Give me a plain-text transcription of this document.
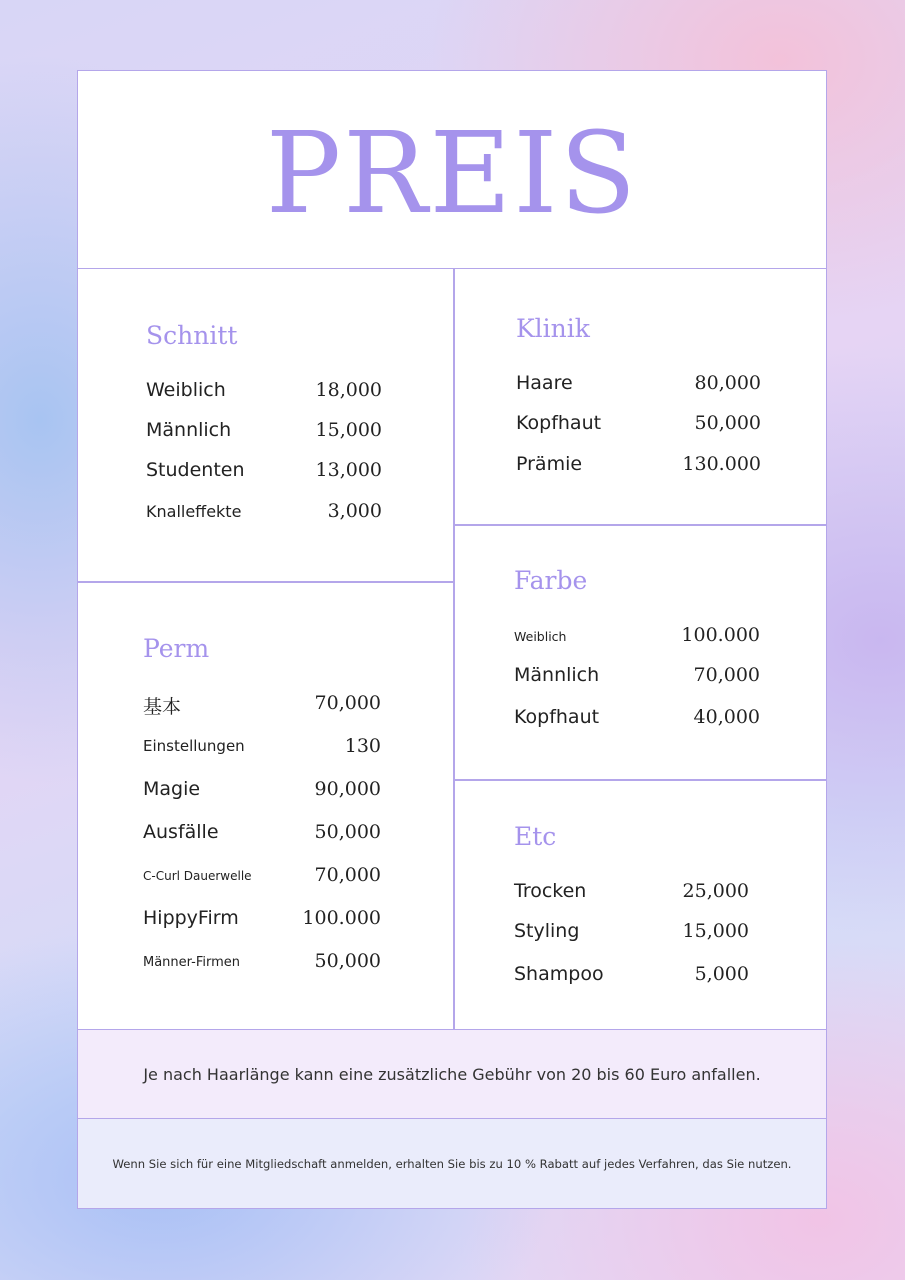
PREIS
Schnitt
Weiblich	18,000
Männlich	15,000
Studenten	13,000
Knalleffekte	3,000
Perm
基本	70,000
Einstellungen	130
Magie	90,000
Ausfälle	50,000
C-Curl Dauerwelle	70,000
HippyFirm	100.000
Männer-Firmen	50,000
Klinik
Haare	80,000
Kopfhaut	50,000
Prämie	130.000
Farbe
Weiblich	100.000
Männlich	70,000
Kopfhaut	40,000
Etc
Trocken	25,000
Styling	15,000
Shampoo	5,000
Je nach Haarlänge kann eine zusätzliche Gebühr von 20 bis 60 Euro anfallen.
Wenn Sie sich für eine Mitgliedschaft anmelden, erhalten Sie bis zu 10 % Rabatt auf jedes Verfahren, das Sie nutzen.
